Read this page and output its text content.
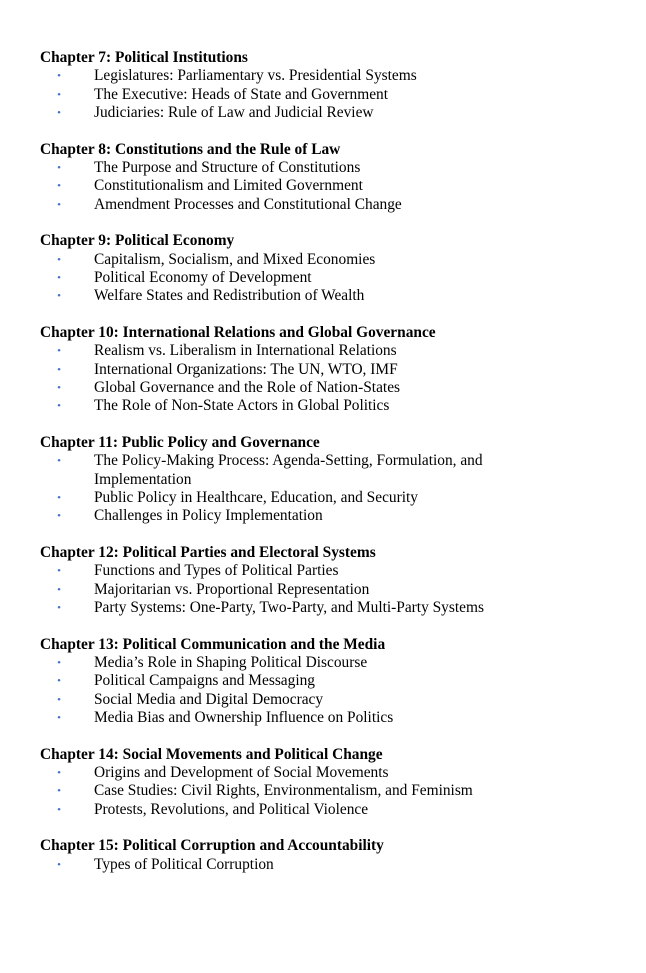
Chapter 7: Political Institutions
• Legislatures: Parliamentary vs. Presidential Systems
• The Executive: Heads of State and Government
• Judiciaries: Rule of Law and Judicial Review
Chapter 8: Constitutions and the Rule of Law
• The Purpose and Structure of Constitutions
• Constitutionalism and Limited Government
• Amendment Processes and Constitutional Change
Chapter 9: Political Economy
• Capitalism, Socialism, and Mixed Economies
• Political Economy of Development
• Welfare States and Redistribution of Wealth
Chapter 10: International Relations and Global Governance
• Realism vs. Liberalism in International Relations
• International Organizations: The UN, WTO, IMF
• Global Governance and the Role of Nation-States
• The Role of Non-State Actors in Global Politics
Chapter 11: Public Policy and Governance
• The Policy-Making Process: Agenda-Setting, Formulation, and Implementation
• Public Policy in Healthcare, Education, and Security
• Challenges in Policy Implementation
Chapter 12: Political Parties and Electoral Systems
• Functions and Types of Political Parties
• Majoritarian vs. Proportional Representation
• Party Systems: One-Party, Two-Party, and Multi-Party Systems
Chapter 13: Political Communication and the Media
• Media’s Role in Shaping Political Discourse
• Political Campaigns and Messaging
• Social Media and Digital Democracy
• Media Bias and Ownership Influence on Politics
Chapter 14: Social Movements and Political Change
• Origins and Development of Social Movements
• Case Studies: Civil Rights, Environmentalism, and Feminism
• Protests, Revolutions, and Political Violence
Chapter 15: Political Corruption and Accountability
• Types of Political Corruption
